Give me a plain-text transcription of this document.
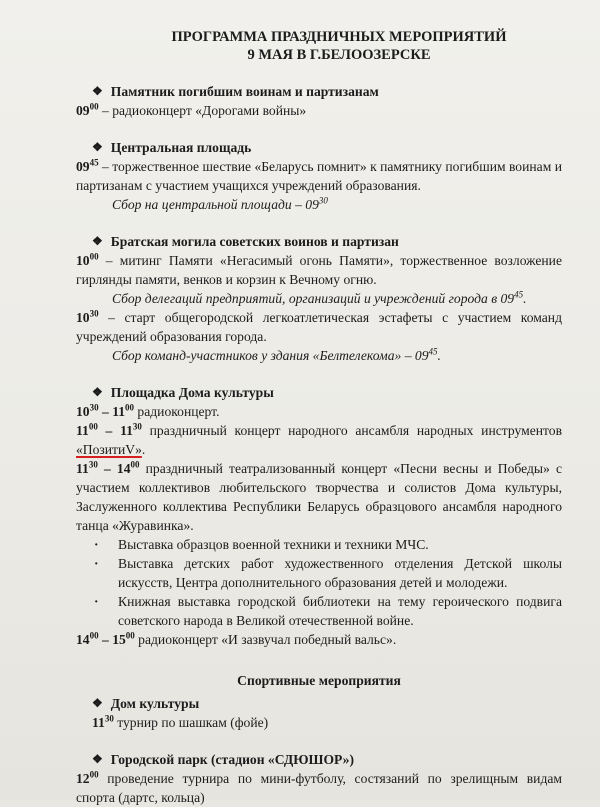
ПРОГРАММА ПРАЗДНИЧНЫХ МЕРОПРИЯТИЙ
9 МАЯ В Г.БЕЛООЗЕРСКЕ
❖ Памятник погибшим воинам и партизанам
$09^{00}$ – радиоконцерт «Дорогами войны»
❖ Центральная площадь
$09^{45}$ – торжественное шествие «Беларусь помнит» к памятнику погибшим воинам и партизанам с участием учащихся учреждений образования.
Сбор на центральной площади – $09^{30}$
❖ Братская могила советских воинов и партизан
$10^{00}$ – митинг Памяти «Негасимый огонь Памяти», торжественное возложение гирлянды памяти, венков и корзин к Вечному огню.
Сбор делегаций предприятий, организаций и учреждений города в $09^{45}$.
$10^{30}$ – старт общегородской легкоатлетическая эстафеты с участием команд учреждений образования города.
Сбор команд-участников у здания «Белтелекома» – $09^{45}$.
❖ Площадка Дома культуры
$10^{30} - 11^{00}$ радиоконцерт.
$11^{00} - 11^{30}$ праздничный концерт народного ансамбля народных инструментов «ПозитиV».
$11^{30} - 14^{00}$ праздничный театрализованный концерт «Песни весны и Победы» с участием коллективов любительского творчества и солистов Дома культуры, Заслуженного коллектива Республики Беларусь образцового ансамбля народного танца «Журавинка».
· Выставка образцов военной техники и техники МЧС.
· Выставка детских работ художественного отделения Детской школы искусств, Центра дополнительного образования детей и молодежи.
· Книжная выставка городской библиотеки на тему героического подвига советского народа в Великой отечественной войне.
$14^{00} - 15^{00}$ радиоконцерт «И зазвучал победный вальс».
Спортивные мероприятия
❖ Дом культуры
$11^{30}$ турнир по шашкам (фойе)
❖ Городской парк (стадион «СДЮШОР»)
$12^{00}$ проведение турнира по мини-футболу, состязаний по зрелищным видам спорта (дартс, кольца)
